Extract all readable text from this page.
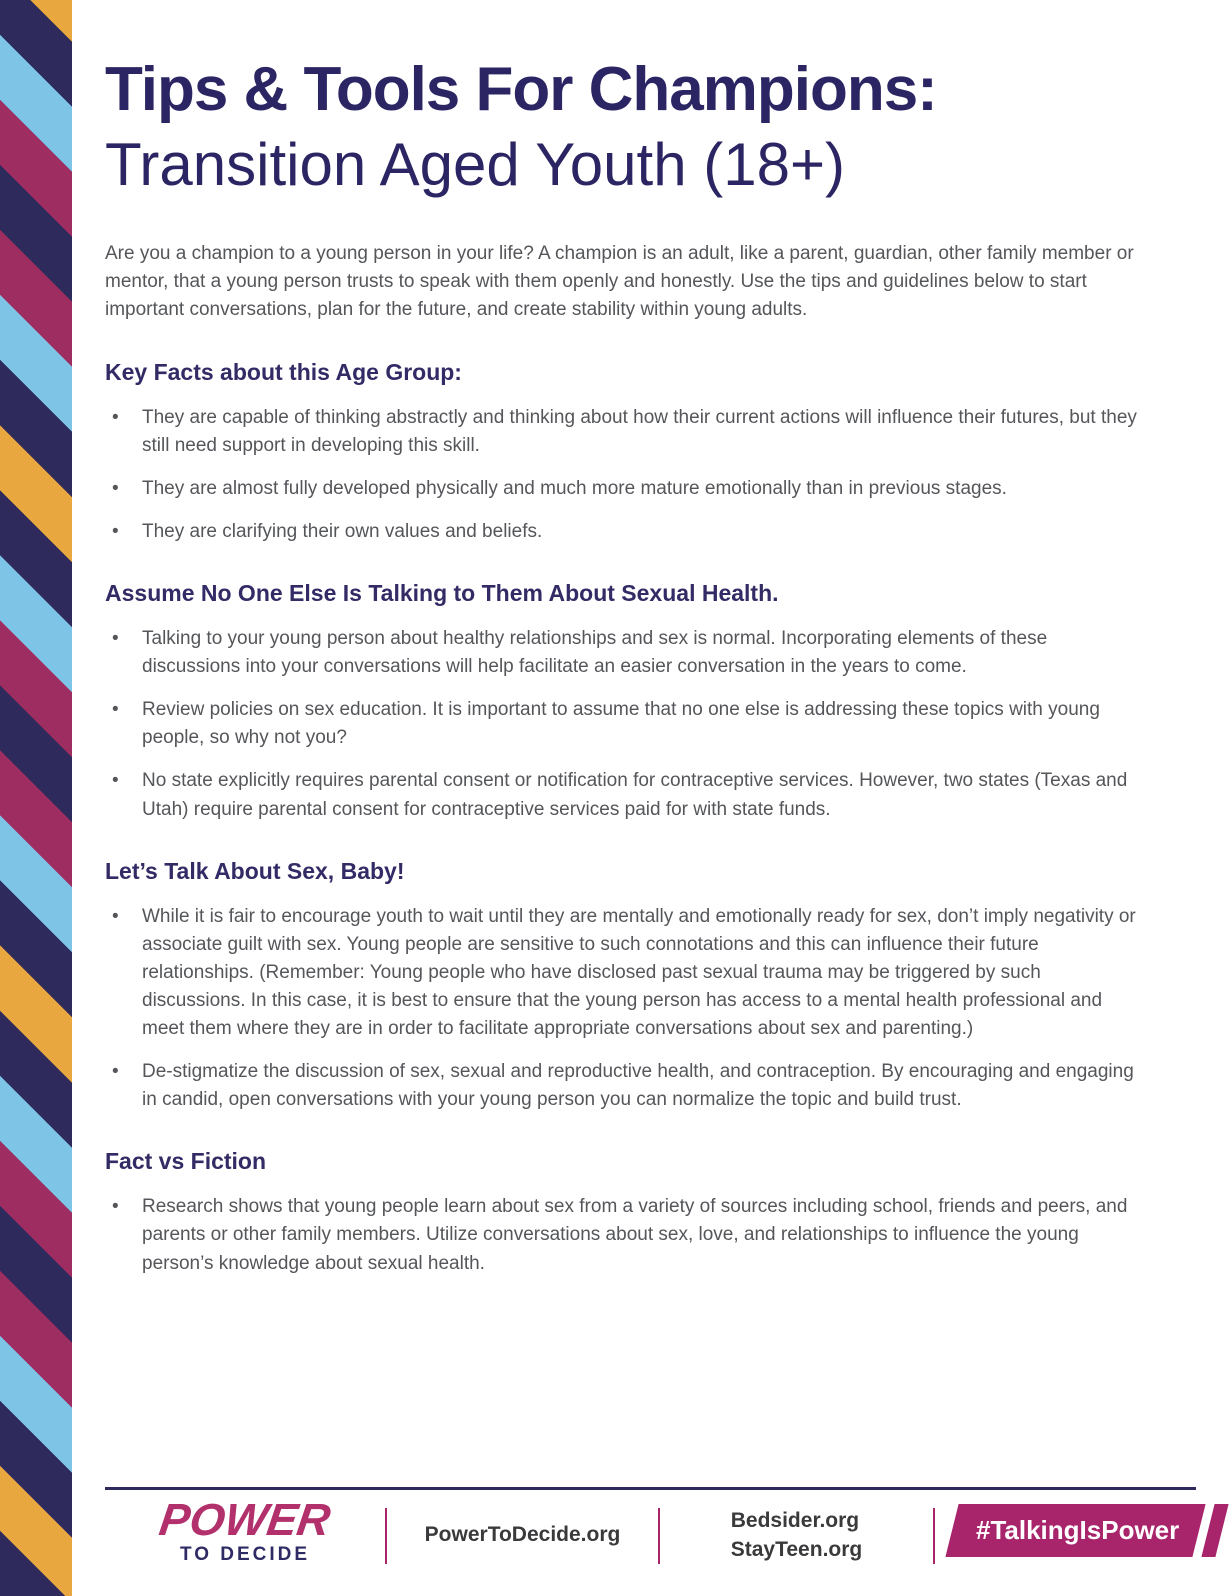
Tips & Tools For Champions:
Transition Aged Youth (18+)

Are you a champion to a young person in your life? A champion is an adult, like a parent, guardian, other family member or mentor, that a young person trusts to speak with them openly and honestly. Use the tips and guidelines below to start important conversations, plan for the future, and create stability within young adults.

Key Facts about this Age Group:
• They are capable of thinking abstractly and thinking about how their current actions will influence their futures, but they still need support in developing this skill.
• They are almost fully developed physically and much more mature emotionally than in previous stages.
• They are clarifying their own values and beliefs.
Assume No One Else Is Talking to Them About Sexual Health.
• Talking to your young person about healthy relationships and sex is normal. Incorporating elements of these discussions into your conversations will help facilitate an easier conversation in the years to come.
• Review policies on sex education. It is important to assume that no one else is addressing these topics with young people, so why not you?
• No state explicitly requires parental consent or notification for contraceptive services. However, two states (Texas and Utah) require parental consent for contraceptive services paid for with state funds.
Let’s Talk About Sex, Baby!
• While it is fair to encourage youth to wait until they are mentally and emotionally ready for sex, don’t imply negativity or associate guilt with sex. Young people are sensitive to such connotations and this can influence their future relationships. (Remember: Young people who have disclosed past sexual trauma may be triggered by such discussions. In this case, it is best to ensure that the young person has access to a mental health professional and meet them where they are in order to facilitate appropriate conversations about sex and parenting.)
• De-stigmatize the discussion of sex, sexual and reproductive health, and contraception. By encouraging and engaging in candid, open conversations with your young person you can normalize the topic and build trust.
Fact vs Fiction
• Research shows that young people learn about sex from a variety of sources including school, friends and peers, and parents or other family members. Utilize conversations about sex, love, and relationships to influence the young person’s knowledge about sexual health.
POWER
TO DECIDE
PowerToDecide.org
Bedsider.org
StayTeen.org
#TalkingIsPower
